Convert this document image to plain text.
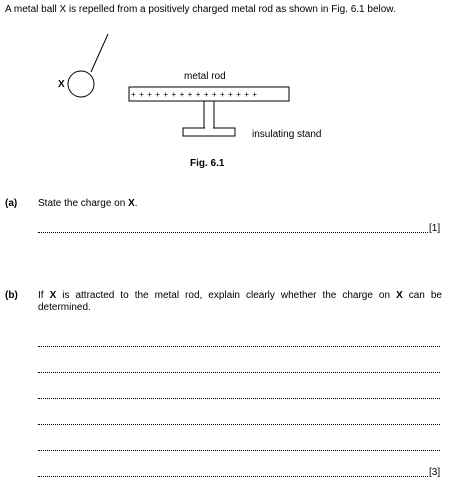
A metal ball X is repelled from a positively charged metal rod as shown in Fig. 6.1 below.
X
metal rod
+ + + + + + + + + + + + + + + +
insulating stand
Fig. 6.1
(a) State the charge on X.
[1]
(b) If X is attracted to the metal rod, explain clearly whether the charge on X can be determined.
[3]
